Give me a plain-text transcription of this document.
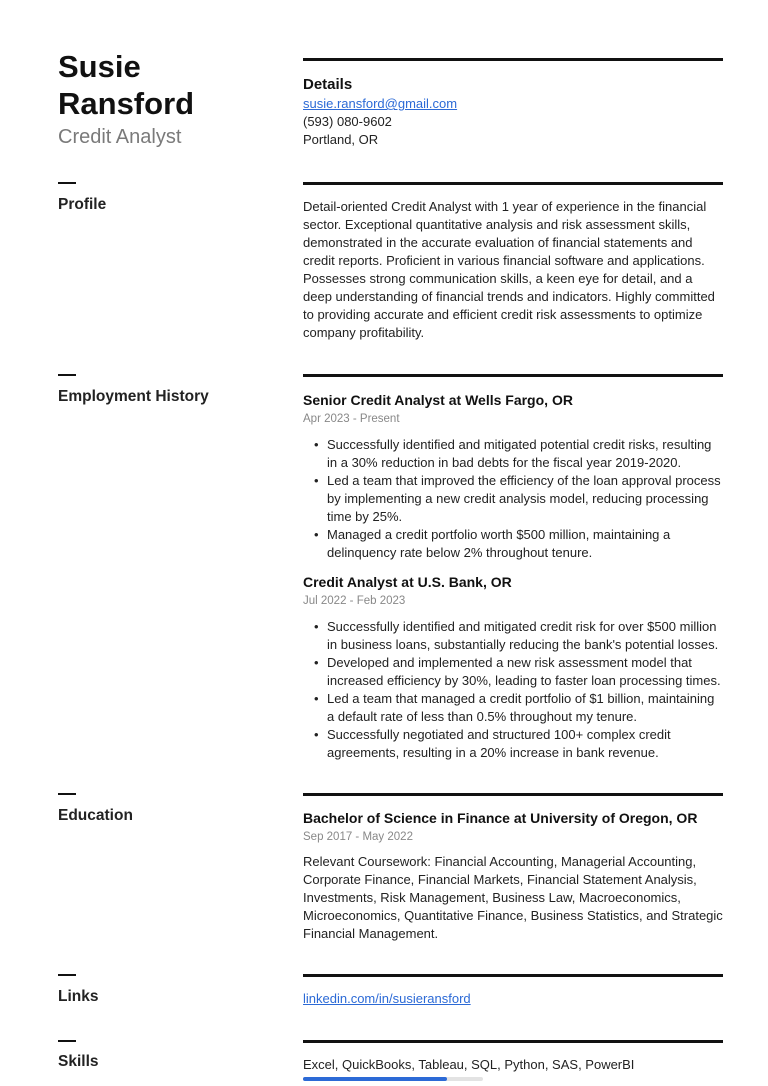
Susie
Ransford
Credit Analyst
Details
susie.ransford@gmail.com
(593) 080-9602
Portland, OR
Profile	Detail-oriented Credit Analyst with 1 year of experience in the financial sector. Exceptional quantitative analysis and risk assessment skills, demonstrated in the accurate evaluation of financial statements and credit reports. Proficient in various financial software and applications. Possesses strong communication skills, a keen eye for detail, and a deep understanding of financial trends and indicators. Highly committed to providing accurate and efficient credit risk assessments to optimize company profitability.
Employment History	Senior Credit Analyst at Wells Fargo, OR
Apr 2023 - Present
• Successfully identified and mitigated potential credit risks, resulting in a 30% reduction in bad debts for the fiscal year 2019-2020.
• Led a team that improved the efficiency of the loan approval process by implementing a new credit analysis model, reducing processing time by 25%.
• Managed a credit portfolio worth $500 million, maintaining a delinquency rate below 2% throughout tenure.
Credit Analyst at U.S. Bank, OR
Jul 2022 - Feb 2023
• Successfully identified and mitigated credit risk for over $500 million in business loans, substantially reducing the bank's potential losses.
• Developed and implemented a new risk assessment model that increased efficiency by 30%, leading to faster loan processing times.
• Led a team that managed a credit portfolio of $1 billion, maintaining a default rate of less than 0.5% throughout my tenure.
• Successfully negotiated and structured 100+ complex credit agreements, resulting in a 20% increase in bank revenue.
Education	Bachelor of Science in Finance at University of Oregon, OR
Sep 2017 - May 2022
Relevant Coursework: Financial Accounting, Managerial Accounting, Corporate Finance, Financial Markets, Financial Statement Analysis, Investments, Risk Management, Business Law, Macroeconomics, Microeconomics, Quantitative Finance, Business Statistics, and Strategic Financial Management.
Links	linkedin.com/in/susieransford
Skills	Excel, QuickBooks, Tableau, SQL, Python, SAS, PowerBI
